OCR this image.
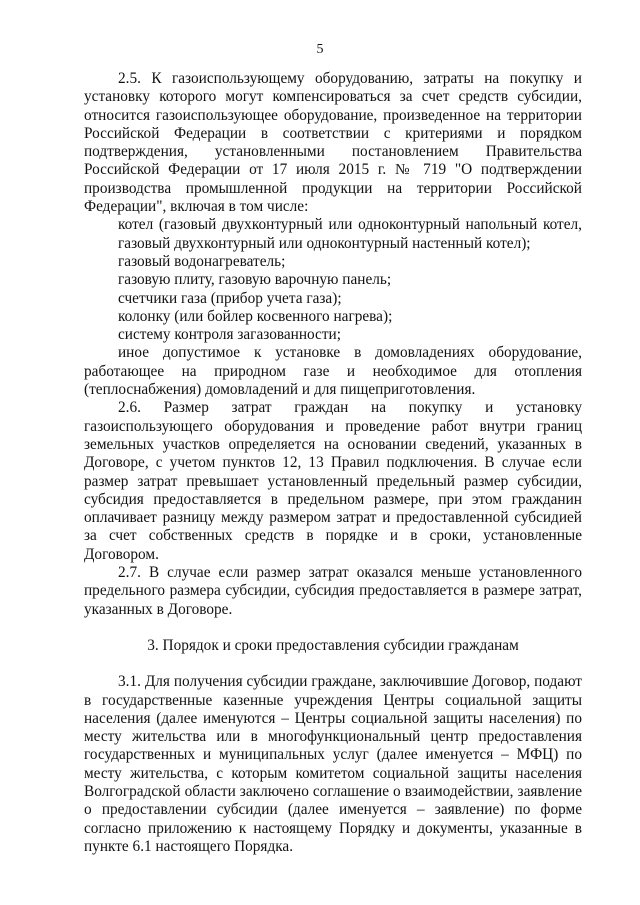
5

2.5. К газоиспользующему оборудованию, затраты на покупку и установку которого могут компенсироваться за счет средств субсидии, относится газоиспользующее оборудование, произведенное на территории Российской Федерации в соответствии с критериями и порядком подтверждения, установленными постановлением Правительства Российской Федерации от 17 июля 2015 г. № 719 "О подтверждении производства промышленной продукции на территории Российской Федерации", включая в том числе:

котел (газовый двухконтурный или одноконтурный напольный котел, газовый двухконтурный или одноконтурный настенный котел);

газовый водонагреватель;

газовую плиту, газовую варочную панель;

счетчики газа (прибор учета газа);

колонку (или бойлер косвенного нагрева);

систему контроля загазованности;

иное допустимое к установке в домовладениях оборудование, работающее на природном газе и необходимое для отопления (теплоснабжения) домовладений и для пищеприготовления.

2.6. Размер затрат граждан на покупку и установку газоиспользующего оборудования и проведение работ внутри границ земельных участков определяется на основании сведений, указанных в Договоре, с учетом пунктов 12, 13 Правил подключения. В случае если размер затрат превышает установленный предельный размер субсидии, субсидия предоставляется в предельном размере, при этом гражданин оплачивает разницу между размером затрат и предоставленной субсидией за счет собственных средств в порядке и в сроки, установленные Договором.

2.7. В случае если размер затрат оказался меньше установленного предельного размера субсидии, субсидия предоставляется в размере затрат, указанных в Договоре.

3. Порядок и сроки предоставления субсидии гражданам

3.1. Для получения субсидии граждане, заключившие Договор, подают в государственные казенные учреждения Центры социальной защиты населения (далее именуются – Центры социальной защиты населения) по месту жительства или в многофункциональный центр предоставления государственных и муниципальных услуг (далее именуется – МФЦ) по месту жительства, с которым комитетом социальной защиты населения Волгоградской области заключено соглашение о взаимодействии, заявление о предоставлении субсидии (далее именуется – заявление) по форме согласно приложению к настоящему Порядку и документы, указанные в пункте 6.1 настоящего Порядка.
